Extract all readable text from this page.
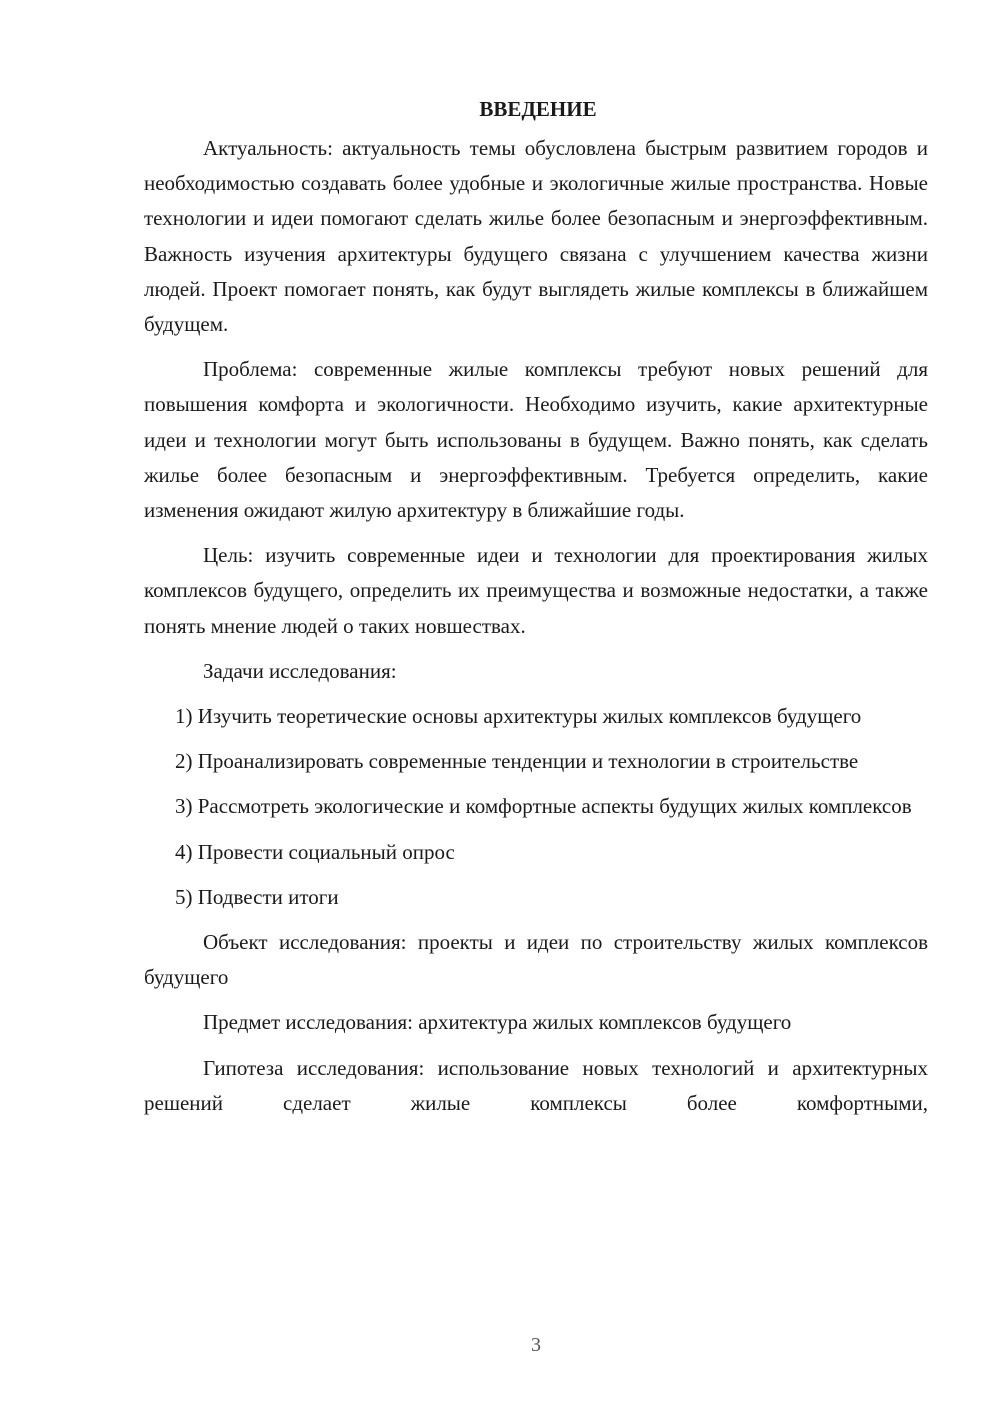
ВВЕДЕНИЕ

Актуальность: актуальность темы обусловлена быстрым развитием городов и необходимостью создавать более удобные и экологичные жилые пространства. Новые технологии и идеи помогают сделать жилье более безопасным и энергоэффективным. Важность изучения архитектуры будущего связана с улучшением качества жизни людей. Проект помогает понять, как будут выглядеть жилые комплексы в ближайшем будущем.

Проблема: современные жилые комплексы требуют новых решений для повышения комфорта и экологичности. Необходимо изучить, какие архитектурные идеи и технологии могут быть использованы в будущем. Важно понять, как сделать жилье более безопасным и энергоэффективным. Требуется определить, какие изменения ожидают жилую архитектуру в ближайшие годы.

Цель: изучить современные идеи и технологии для проектирования жилых комплексов будущего, определить их преимущества и возможные недостатки, а также понять мнение людей о таких новшествах.

Задачи исследования:

1) Изучить теоретические основы архитектуры жилых комплексов будущего

2) Проанализировать современные тенденции и технологии в строительстве

3) Рассмотреть экологические и комфортные аспекты будущих жилых комплексов

4) Провести социальный опрос

5) Подвести итоги

Объект исследования: проекты и идеи по строительству жилых комплексов будущего

Предмет исследования: архитектура жилых комплексов будущего

Гипотеза исследования: использование новых технологий и архитектурных решений сделает жилые комплексы более комфортными,

3
